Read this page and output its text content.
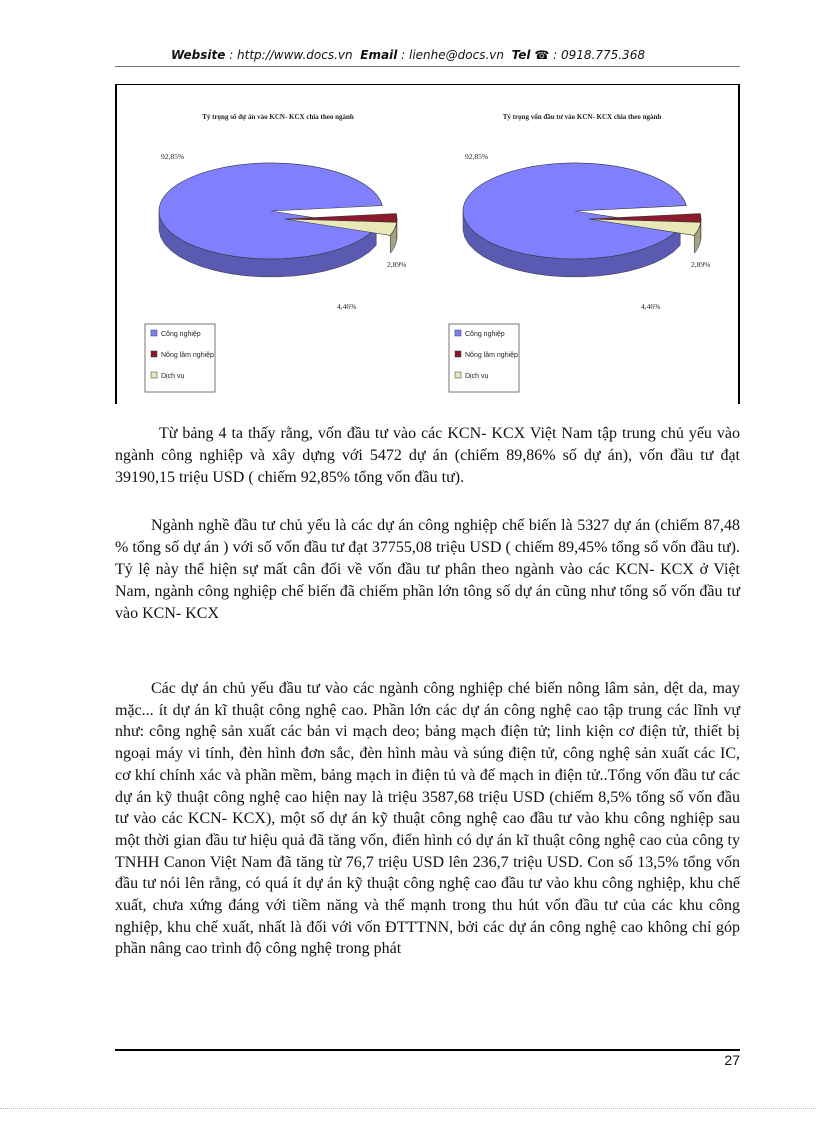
Website : http://www.docs.vn Email : lienhe@docs.vn Tel ☎ : 0918.775.368
Tỷ trọng số dự án vào KCN- KCX chia theo ngành
92,85%
2,89%
4,46%
Công nghiệp
Nông lâm nghiệp
Dịch vụ
Tỷ trọng vốn đầu tư vào KCN- KCX chia theo ngành
92,85%
2,89%
4,46%
Công nghiệp
Nông lâm nghiệp
Dịch vụ
Từ bảng 4 ta thấy rằng, vốn đầu tư vào các KCN- KCX Việt Nam tập trung chủ yếu vào ngành công nghiệp và xây dựng với 5472 dự án (chiếm 89,86% số dự án), vốn đầu tư đạt 39190,15 triệu USD ( chiếm 92,85% tổng vốn đầu tư).
Ngành nghề đầu tư chủ yếu là các dự án công nghiệp chế biến là 5327 dự án (chiếm 87,48 % tổng số dự án ) với số vốn đầu tư đạt 37755,08 triệu USD ( chiếm 89,45% tổng số vốn đầu tư). Tỷ lệ này thể hiện sự mất cân đối về vốn đầu tư phân theo ngành vào các KCN- KCX ở Việt Nam, ngành công nghiệp chế biến đã chiếm phần lớn tông số dự án cũng như tổng số vốn đầu tư vào KCN- KCX
Các dự án chủ yếu đầu tư vào các ngành công nghiệp ché biến nông lâm sản, dệt da, may mặc... ít dự án kĩ thuật công nghệ cao. Phần lớn các dự án công nghệ cao tập trung các lĩnh vự như: công nghệ sản xuất các bản vi mạch deo; bảng mạch điện tử; linh kiện cơ điện tử, thiết bị ngoại máy vi tính, đèn hình đơn sắc, đèn hình màu và súng điện tử, công nghệ sản xuất các IC, cơ khí chính xác và phần mềm, bảng mạch in điện tủ và đế mạch in điện tử..Tổng vốn đầu tư các dự án kỹ thuật công nghệ cao hiện nay là triệu 3587,68 triệu USD (chiếm 8,5% tổng số vốn đầu tư vào các KCN- KCX), một số dự án kỹ thuật công nghệ cao đầu tư vào khu công nghiệp sau một thời gian đầu tư hiệu quả đã tăng vốn, điển hình có dự án kĩ thuật công nghệ cao của công ty TNHH Canon Việt Nam đã tăng từ 76,7 triệu USD lên 236,7 triệu USD. Con số 13,5% tổng vốn đầu tư nói lên rằng, có quá ít dự án kỹ thuật công nghệ cao đầu tư vào khu công nghiệp, khu chế xuất, chưa xứng đáng với tiềm năng và thế mạnh trong thu hút vốn đầu tư của các khu công nghiệp, khu chế xuất, nhất là đối với vốn ĐTTTNN, bởi các dự án công nghệ cao không chỉ góp phần nâng cao trình độ công nghệ trong phát
27
